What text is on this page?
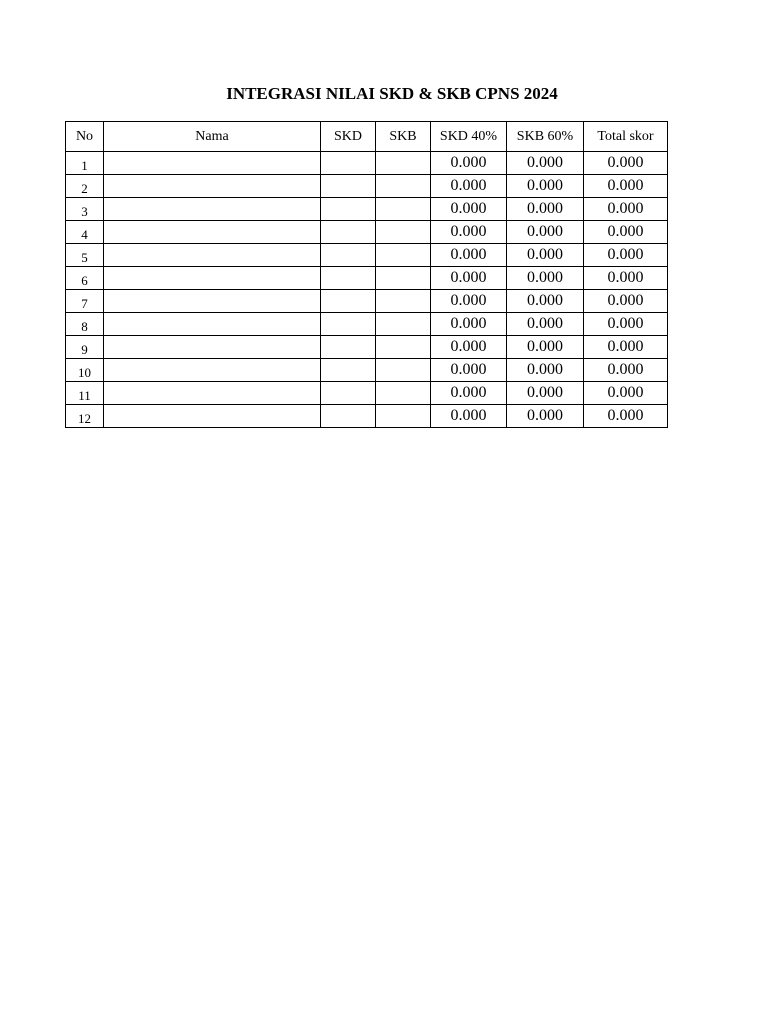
INTEGRASI NILAI SKD & SKB CPNS 2024
No	Nama	SKD	SKB	SKD 40%	SKB 60%	Total skor
1				0.000	0.000	0.000
2				0.000	0.000	0.000
3				0.000	0.000	0.000
4				0.000	0.000	0.000
5				0.000	0.000	0.000
6				0.000	0.000	0.000
7				0.000	0.000	0.000
8				0.000	0.000	0.000
9				0.000	0.000	0.000
10				0.000	0.000	0.000
11				0.000	0.000	0.000
12				0.000	0.000	0.000
